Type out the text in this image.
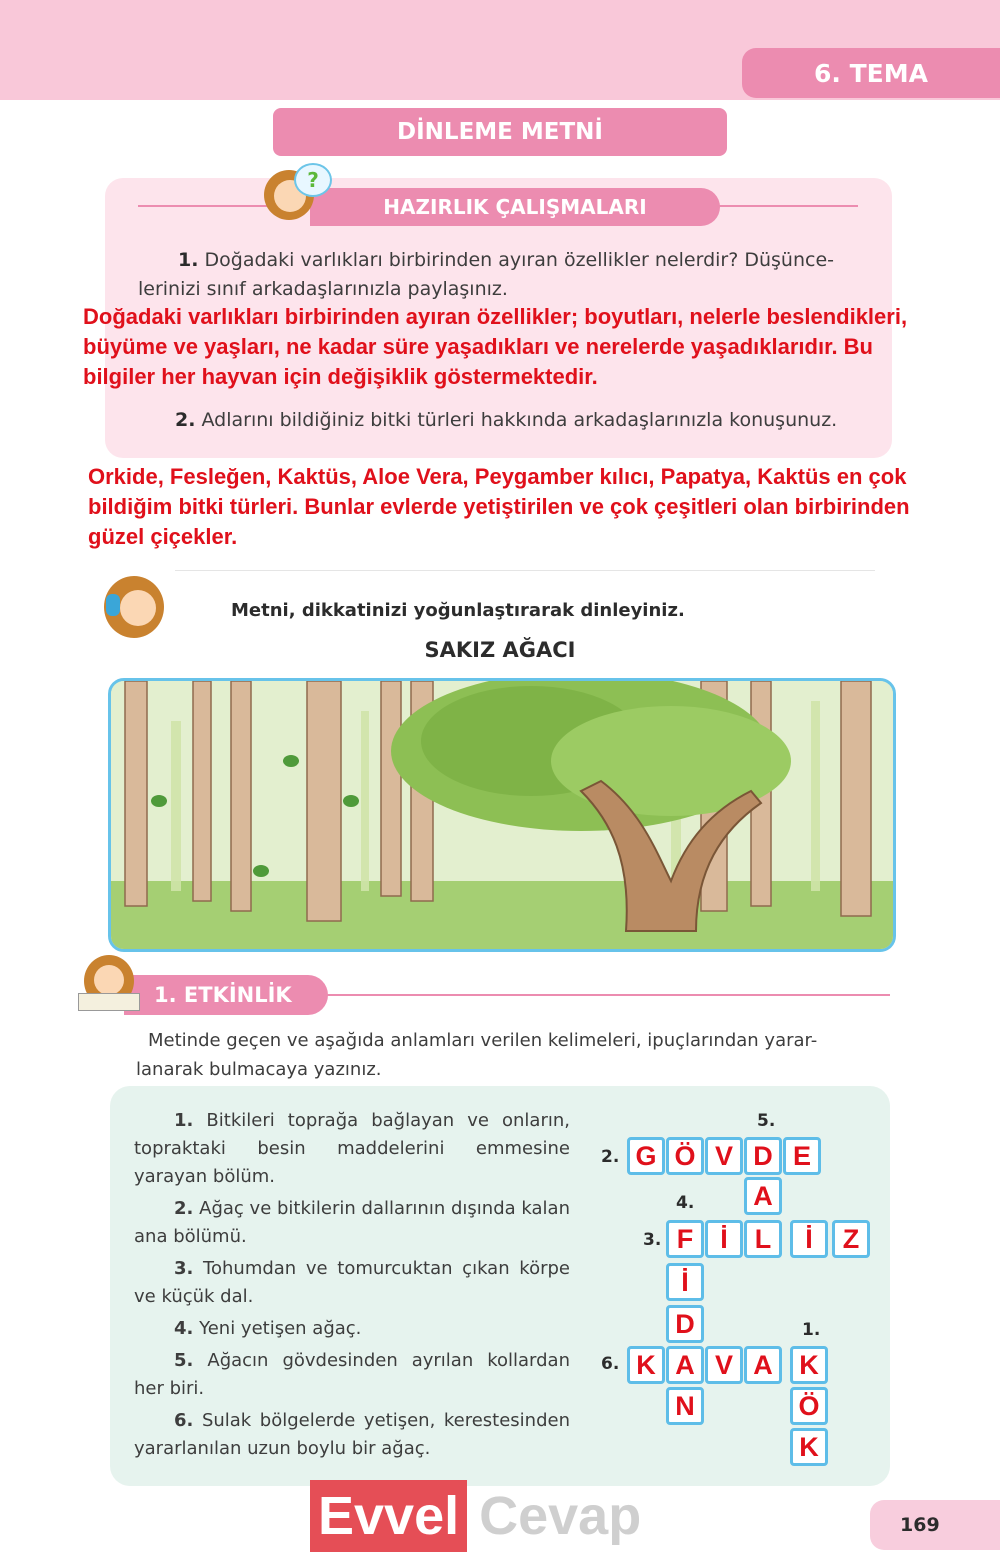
6. TEMA
DİNLEME METNİ
HAZIRLIK ÇALIŞMALARI
?
1. Doğadaki varlıkları birbirinden ayıran özellikler nelerdir? Düşünce-
lerinizi sınıf arkadaşlarınızla paylaşınız.
Doğadaki varlıkları birbirinden ayıran özellikler; boyutları, nelerle beslendikleri,
büyüme ve yaşları, ne kadar süre yaşadıkları ve nerelerde yaşadıklarıdır. Bu
bilgiler her hayvan için değişiklik göstermektedir.
2. Adlarını bildiğiniz bitki türleri hakkında arkadaşlarınızla konuşunuz.
Orkide, Fesleğen, Kaktüs, Aloe Vera, Peygamber kılıcı, Papatya, Kaktüs en çok
bildiğim bitki türleri. Bunlar evlerde yetiştirilen ve çok çeşitleri olan birbirinden
güzel çiçekler.
Metni, dikkatinizi yoğunlaştırarak dinleyiniz.
SAKIZ AĞACI
1. ETKİNLİK
Metinde geçen ve aşağıda anlamları verilen kelimeleri, ipuçlarından yarar-
lanarak bulmacaya yazınız.

1. Bitkileri toprağa bağlayan ve onların, topraktaki besin maddelerini emmesine yarayan bölüm.

2. Ağaç ve bitkilerin dallarının dışında kalan ana bölümü.

3. Tohumdan ve tomurcuktan çıkan körpe ve küçük dal.

4. Yeni yetişen ağaç.

5. Ağacın gövdesinden ayrılan kollardan her biri.

6. Sulak bölgelerde yetişen, kerestesinden yararlanılan uzun boylu bir ağaç.

5.
2.
4.
3.
1.
6.
G Ö V D E
A
F İ	L	İ	Z
İ
D
K A V A K
N	Ö
K
Evvel Cevap	169
